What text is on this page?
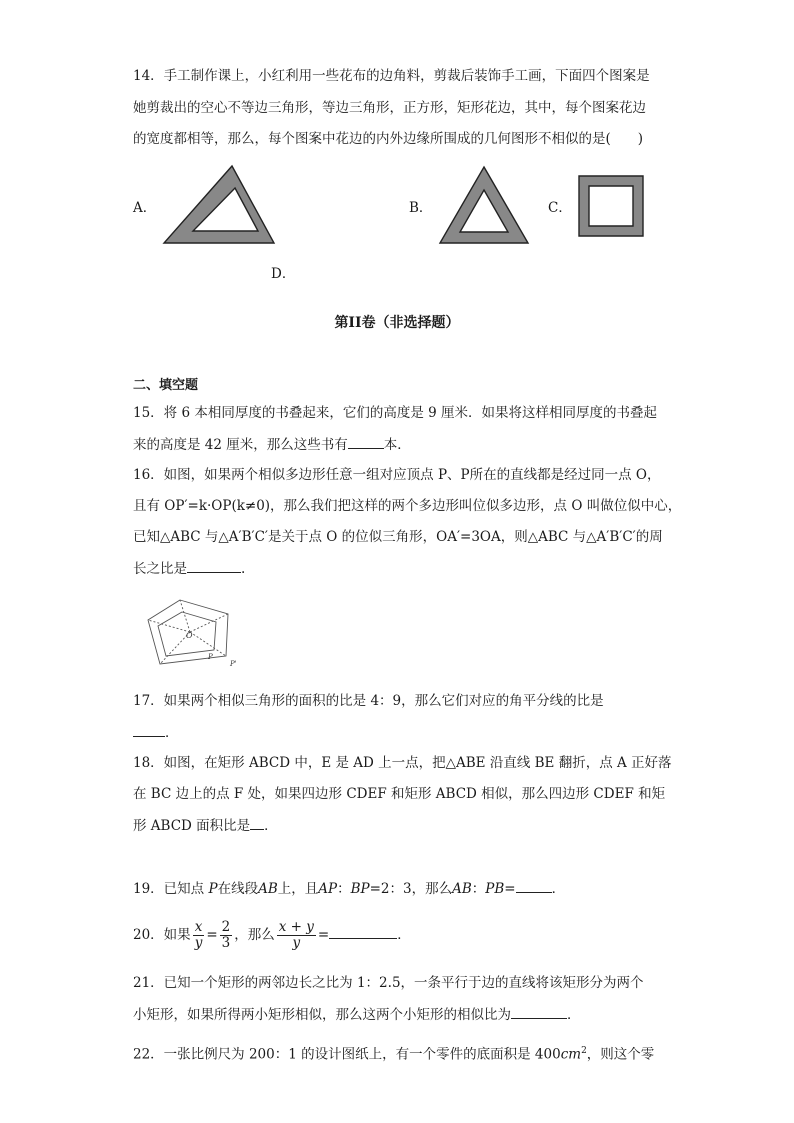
14．手工制作课上，小红利用一些花布的边角料，剪裁后装饰手工画，下面四个图案是
她剪裁出的空心不等边三角形，等边三角形，正方形，矩形花边，其中，每个图案花边
的宽度都相等，那么，每个图案中花边的内外边缘所围成的几何图形不相似的是(　　)
A．	B．	C．
D．
第II卷（非选择题）
二、填空题
15．将 6 本相同厚度的书叠起来，它们的高度是 9 厘米．如果将这样相同厚度的书叠起
来的高度是 42 厘米，那么这些书有	本．
16．如图，如果两个相似多边形任意一组对应顶点 P、P所在的直线都是经过同一点 O，
且有 OP′=k·OP(k≠0)，那么我们把这样的两个多边形叫位似多边形，点 O 叫做位似中心，
已知△ABC 与△A′B′C′是关于点 O 的位似三角形，OA′=3OA，则△ABC 与△A′B′C′的周
长之比是	.
O
P
P'
17．如果两个相似三角形的面积的比是 4：9，那么它们对应的角平分线的比是
．
18．如图，在矩形 ABCD 中，E 是 AD 上一点，把△ABE 沿直线 BE 翻折，点 A 正好落
在 BC 边上的点 F 处，如果四边形 CDEF 和矩形 ABCD 相似，那么四边形 CDEF 和矩
形 ABCD 面积比是 ．
19．已知点 P在线段AB上，且AP：BP=2：3，那么AB：PB=	．
20．如果 $\frac{x}{y} = \frac{2}{3}$ ，那么 $\frac{x + y}{y}$ =	．
21．已知一个矩形的两邻边长之比为 1：2.5，一条平行于边的直线将该矩形分为两个
小矩形，如果所得两小矩形相似，那么这两个小矩形的相似比为	．
22．一张比例尺为 200：1 的设计图纸上，有一个零件的底面积是 $400cm^2$，则这个零
